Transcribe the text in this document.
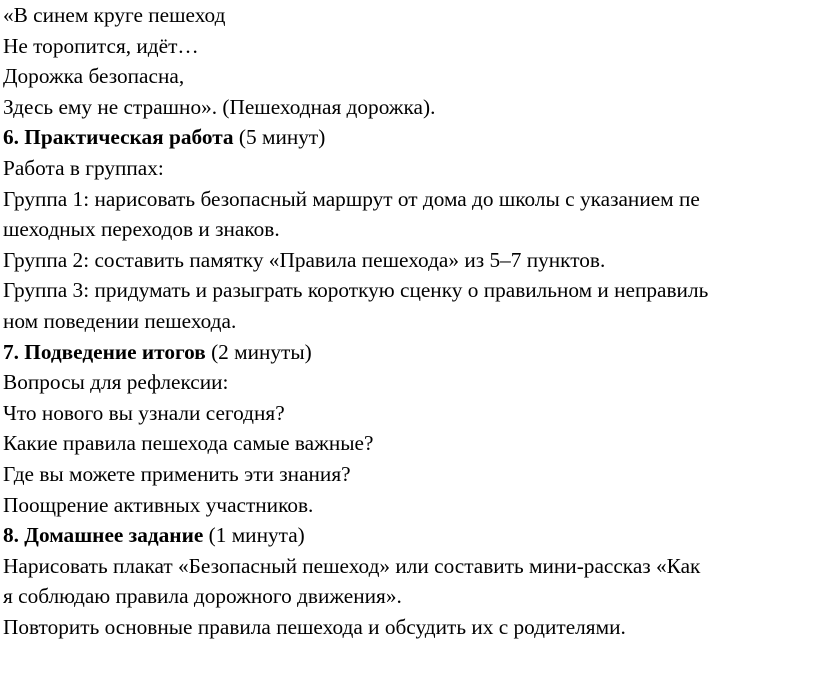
«В синем круге пешеход
Не торопится, идёт…
Дорожка безопасна,
Здесь ему не страшно». (Пешеходная дорожка).
6. Практическая работа (5 минут)
Работа в группах:
Группа 1: нарисовать безопасный маршрут от дома до школы с указанием пе
шеходных переходов и знаков.
Группа 2: составить памятку «Правила пешехода» из 5–7 пунктов.
Группа 3: придумать и разыграть короткую сценку о правильном и неправиль
ном поведении пешехода.
7. Подведение итогов (2 минуты)
Вопросы для рефлексии:
Что нового вы узнали сегодня?
Какие правила пешехода самые важные?
Где вы можете применить эти знания?
Поощрение активных участников.
8. Домашнее задание (1 минута)
Нарисовать плакат «Безопасный пешеход» или составить мини-рассказ «Как
я соблюдаю правила дорожного движения».
Повторить основные правила пешехода и обсудить их с родителями.
